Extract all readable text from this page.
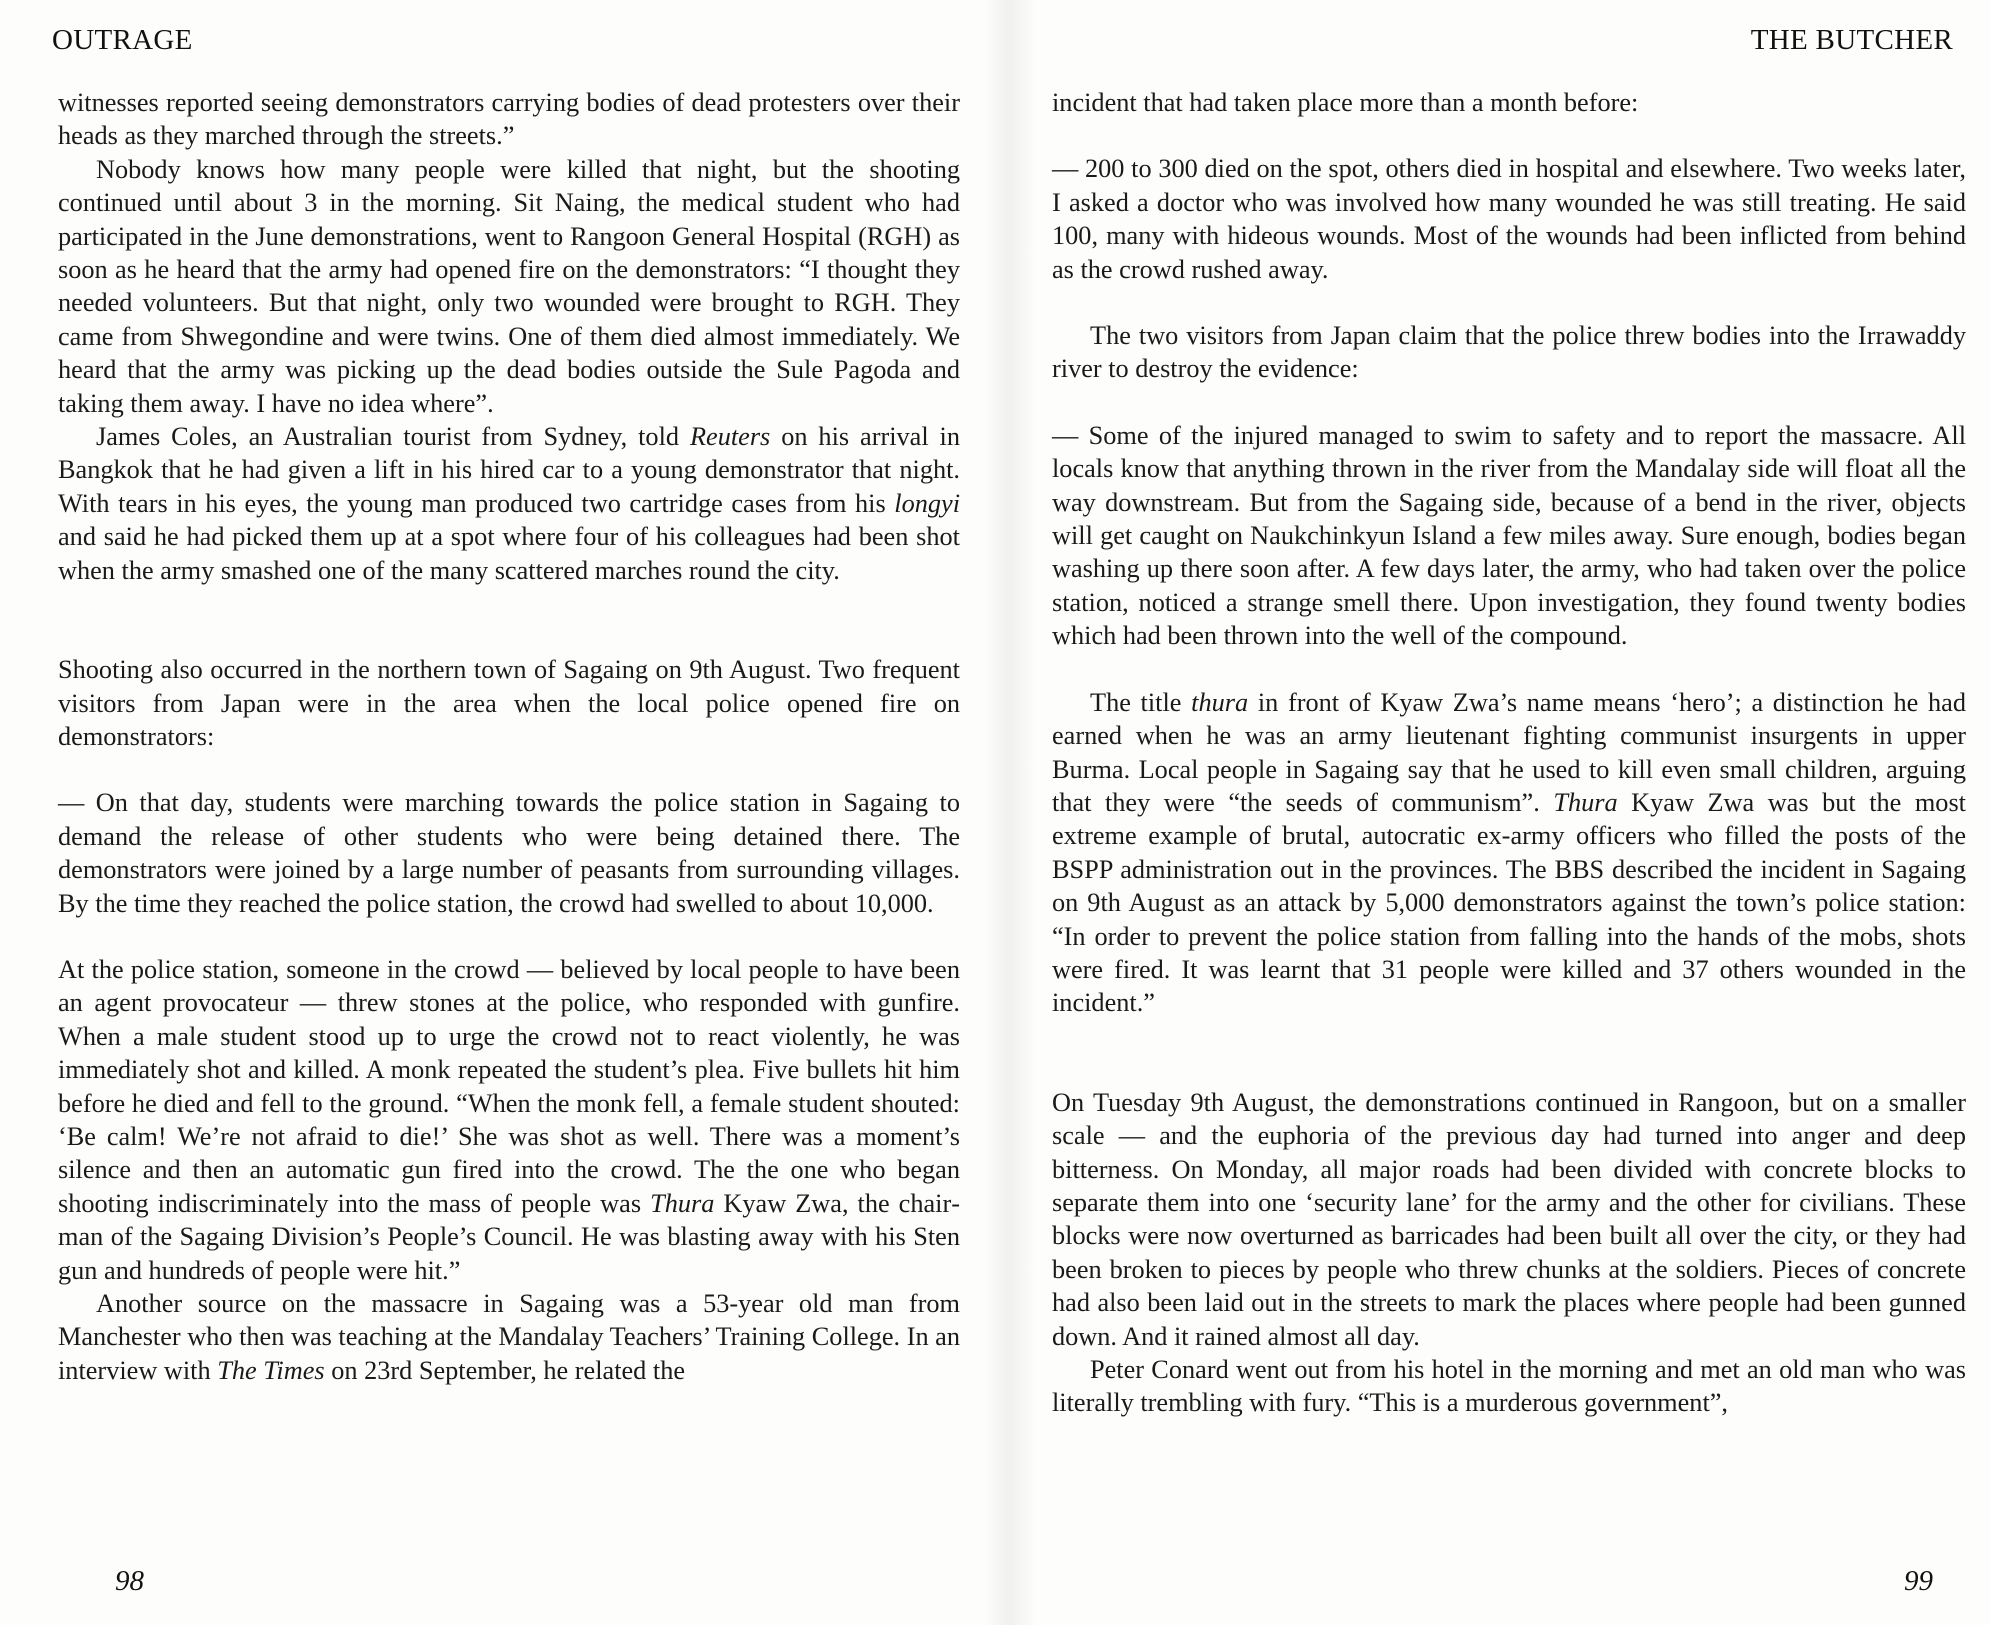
OUTRAGE

witnesses reported seeing demonstrators carrying bodies of dead protesters over their heads as they marched through the streets.”

Nobody knows how many people were killed that night, but the shooting continued until about 3 in the morning. Sit Naing, the medical student who had participated in the June demonstrations, went to Rangoon General Hospital (RGH) as soon as he heard that the army had opened fire on the demonstrators: “I thought they needed volunteers. But that night, only two wounded were brought to RGH. They came from Shwegondine and were twins. One of them died almost immediately. We heard that the army was picking up the dead bodies outside the Sule Pagoda and taking them away. I have no idea where”.

James Coles, an Australian tourist from Sydney, told Reuters on his arrival in Bangkok that he had given a lift in his hired car to a young demonstrator that night. With tears in his eyes, the young man produced two cartridge cases from his longyi and said he had picked them up at a spot where four of his colleagues had been shot when the army smashed one of the many scattered marches round the city.

Shooting also occurred in the northern town of Sagaing on 9th August. Two frequent visitors from Japan were in the area when the local police opened fire on demonstrators:

— On that day, students were marching towards the police station in Sagaing to demand the release of other students who were being detained there. The demonstrators were joined by a large number of peasants from surrounding villages. By the time they reached the police station, the crowd had swelled to about 10,000.

At the police station, someone in the crowd — believed by local people to have been an agent provocateur — threw stones at the police, who responded with gunfire. When a male student stood up to urge the crowd not to react violently, he was immediately shot and killed. A monk repeated the student’s plea. Five bullets hit him before he died and fell to the ground. “When the monk fell, a female student shouted: ‘Be calm! We’re not afraid to die!’ She was shot as well. There was a moment’s silence and then an automatic gun fired into the crowd. The the one who began shooting indiscriminately into the mass of people was Thura Kyaw Zwa, the chairman of the Sagaing Division’s People’s Council. He was blasting away with his Sten gun and hundreds of people were hit.”

Another source on the massacre in Sagaing was a 53-year old man from Manchester who then was teaching at the Mandalay Teachers’ Training College. In an interview with The Times on 23rd September, he related the

98
THE BUTCHER

incident that had taken place more than a month before:

— 200 to 300 died on the spot, others died in hospital and elsewhere. Two weeks later, I asked a doctor who was involved how many wounded he was still treating. He said 100, many with hideous wounds. Most of the wounds had been inflicted from behind as the crowd rushed away.

The two visitors from Japan claim that the police threw bodies into the Irrawaddy river to destroy the evidence:

— Some of the injured managed to swim to safety and to report the massacre. All locals know that anything thrown in the river from the Mandalay side will float all the way downstream. But from the Sagaing side, because of a bend in the river, objects will get caught on Naukchinkyun Island a few miles away. Sure enough, bodies began washing up there soon after. A few days later, the army, who had taken over the police station, noticed a strange smell there. Upon investigation, they found twenty bodies which had been thrown into the well of the compound.

The title thura in front of Kyaw Zwa’s name means ‘hero’; a distinction he had earned when he was an army lieutenant fighting communist insurgents in upper Burma. Local people in Sagaing say that he used to kill even small children, arguing that they were “the seeds of communism”. Thura Kyaw Zwa was but the most extreme example of brutal, autocratic ex-army officers who filled the posts of the BSPP administration out in the provinces. The BBS described the incident in Sagaing on 9th August as an attack by 5,000 demonstrators against the town’s police station: “In order to prevent the police station from falling into the hands of the mobs, shots were fired. It was learnt that 31 people were killed and 37 others wounded in the incident.”

On Tuesday 9th August, the demonstrations continued in Rangoon, but on a smaller scale — and the euphoria of the previous day had turned into anger and deep bitterness. On Monday, all major roads had been divided with concrete blocks to separate them into one ‘security lane’ for the army and the other for civilians. These blocks were now overturned as barricades had been built all over the city, or they had been broken to pieces by people who threw chunks at the soldiers. Pieces of concrete had also been laid out in the streets to mark the places where people had been gunned down. And it rained almost all day.

Peter Conard went out from his hotel in the morning and met an old man who was literally trembling with fury. “This is a murderous government”,

99
